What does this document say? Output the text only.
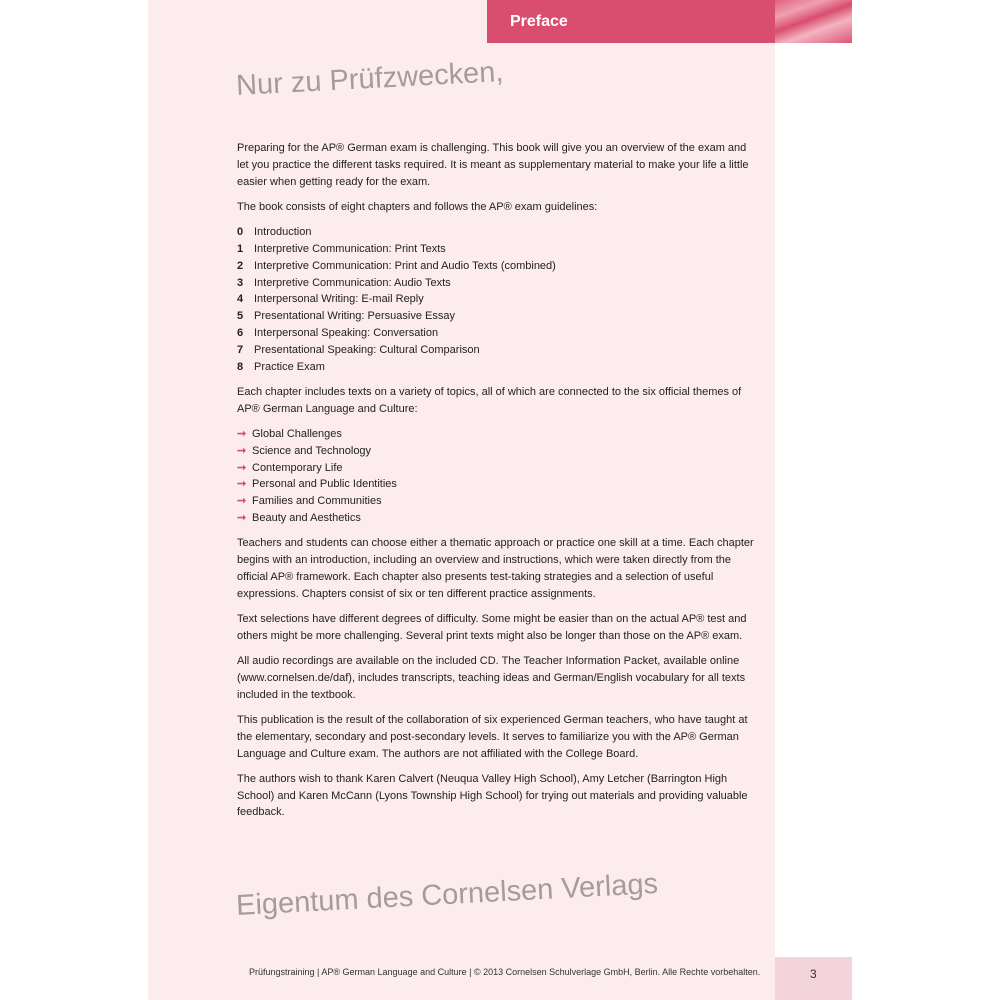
Preface

Preparing for the AP® German exam is challenging. This book will give you an overview of the exam and let you practice the different tasks required. It is meant as supplementary material to make your life a little easier when getting ready for the exam.

The book consists of eight chapters and follows the AP® exam guidelines:

0 Introduction
1 Interpretive Communication: Print Texts
2 Interpretive Communication: Print and Audio Texts (combined)
3 Interpretive Communication: Audio Texts
4 Interpersonal Writing: E-mail Reply
5 Presentational Writing: Persuasive Essay
6 Interpersonal Speaking: Conversation
7 Presentational Speaking: Cultural Comparison
8 Practice Exam

Each chapter includes texts on a variety of topics, all of which are connected to the six official themes of AP® German Language and Culture:

➞ Global Challenges
➞ Science and Technology
➞ Contemporary Life
➞ Personal and Public Identities
➞ Families and Communities
➞ Beauty and Aesthetics

Teachers and students can choose either a thematic approach or practice one skill at a time. Each chapter begins with an introduction, including an overview and instructions, which were taken directly from the official AP® framework. Each chapter also presents test-taking strategies and a selection of useful expressions. Chapters consist of six or ten different practice assignments.

Text selections have different degrees of difficulty. Some might be easier than on the actual AP® test and others might be more challenging. Several print texts might also be longer than those on the AP® exam.

All audio recordings are available on the included CD. The Teacher Information Packet, available online (www.cornelsen.de/daf), includes transcripts, teaching ideas and German/English vocabulary for all texts included in the textbook.

This publication is the result of the collaboration of six experienced German teachers, who have taught at the elementary, secondary and post-secondary levels. It serves to familiarize you with the AP® German Language and Culture exam. The authors are not affiliated with the College Board.

The authors wish to thank Karen Calvert (Neuqua Valley High School), Amy Letcher (Barrington High School) and Karen McCann (Lyons Township High School) for trying out materials and providing valuable feedback.

Nur zu Prüfzwecken,
Eigentum des Cornelsen Verlags
Prüfungstraining | AP® German Language and Culture | © 2013 Cornelsen Schulverlage GmbH, Berlin. Alle Rechte vorbehalten.	3
